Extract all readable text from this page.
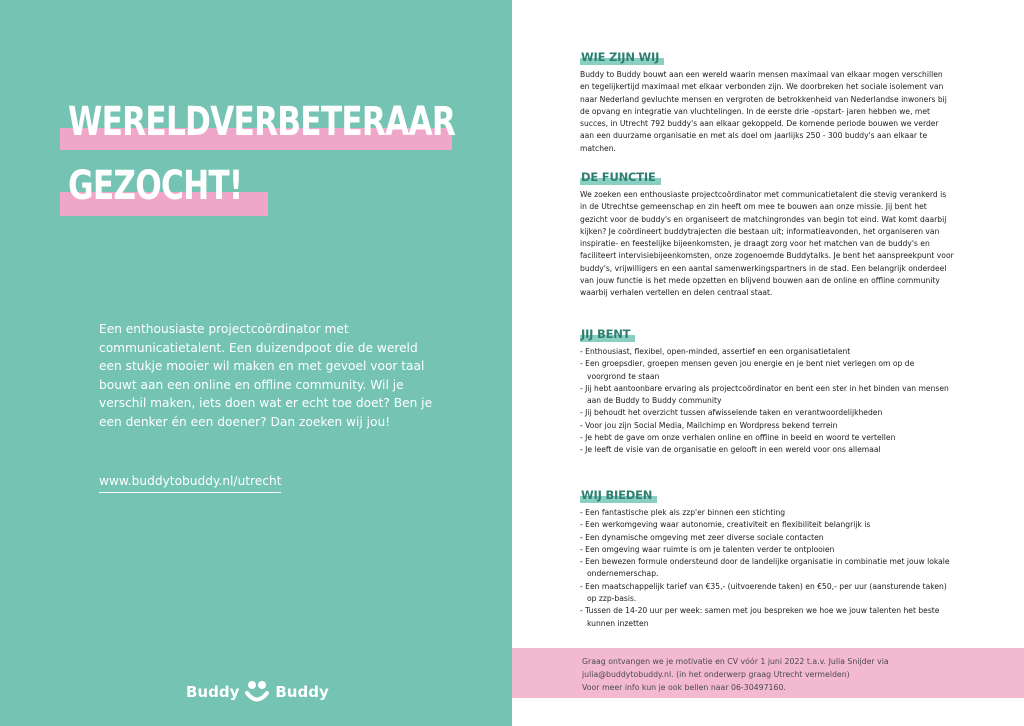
WERELDVERBETERAAR
GEZOCHT!
Een enthousiaste projectcoördinator met communicatietalent. Een duizendpoot die de wereld een stukje mooier wil maken en met gevoel voor taal bouwt aan een online en offline community. Wil je verschil maken, iets doen wat er echt toe doet? Ben je een denker én een doener? Dan zoeken wij jou!
www.buddytobuddy.nl/utrecht
Buddy Buddy
WIE ZIJN WIJ
Buddy to Buddy bouwt aan een wereld waarin mensen maximaal van elkaar mogen verschillen en tegelijkertijd maximaal met elkaar verbonden zijn. We doorbreken het sociale isolement van naar Nederland gevluchte mensen en vergroten de betrokkenheid van Nederlandse inwoners bij de opvang en integratie van vluchtelingen. In de eerste drie -opstart- jaren hebben we, met succes, in Utrecht 792 buddy's aan elkaar gekoppeld. De komende periode bouwen we verder aan een duurzame organisatie en met als doel om jaarlijks 250 - 300 buddy's aan elkaar te matchen.
DE FUNCTIE
We zoeken een enthousiaste projectcoördinator met communicatietalent die stevig verankerd is in de Utrechtse gemeenschap en zin heeft om mee te bouwen aan onze missie. Jij bent het gezicht voor de buddy's en organiseert de matchingrondes van begin tot eind. Wat komt daarbij kijken? Je coördineert buddytrajecten die bestaan uit; informatieavonden, het organiseren van inspiratie- en feestelijke bijeenkomsten, je draagt zorg voor het matchen van de buddy's en faciliteert intervisiebijeenkomsten, onze zogenoemde Buddytalks. Je bent het aanspreekpunt voor buddy's, vrijwilligers en een aantal samenwerkingspartners in de stad. Een belangrijk onderdeel van jouw functie is het mede opzetten en blijvend bouwen aan de online en offline community waarbij verhalen vertellen en delen centraal staat.
JIJ BENT
- Enthousiast, flexibel, open-minded, assertief en een organisatietalent
- Een groepsdier, groepen mensen geven jou energie en je bent niet verlegen om op de voorgrond te staan
- Jij hebt aantoonbare ervaring als projectcoördinator en bent een ster in het binden van mensen aan de Buddy to Buddy community
- Jij behoudt het overzicht tussen afwisselende taken en verantwoordelijkheden
- Voor jou zijn Social Media, Mailchimp en Wordpress bekend terrein
- Je hebt de gave om onze verhalen online en offline in beeld en woord te vertellen
- Je leeft de visie van de organisatie en gelooft in een wereld voor ons allemaal
WIJ BIEDEN
- Een fantastische plek als zzp'er binnen een stichting
- Een werkomgeving waar autonomie, creativiteit en flexibiliteit belangrijk is
- Een dynamische omgeving met zeer diverse sociale contacten
- Een omgeving waar ruimte is om je talenten verder te ontplooien
- Een bewezen formule ondersteund door de landelijke organisatie in combinatie met jouw lokale ondernemerschap.
- Een maatschappelijk tarief van €35,- (uitvoerende taken) en €50,- per uur (aansturende taken) op zzp-basis.
- Tussen de 14-20 uur per week: samen met jou bespreken we hoe we jouw talenten het beste kunnen inzetten
Graag ontvangen we je motivatie en CV vóór 1 juni 2022 t.a.v. Julia Snijder via
julia@buddytobuddy.nl. (in het onderwerp graag Utrecht vermelden)
Voor meer info kun je ook bellen naar 06-30497160.
